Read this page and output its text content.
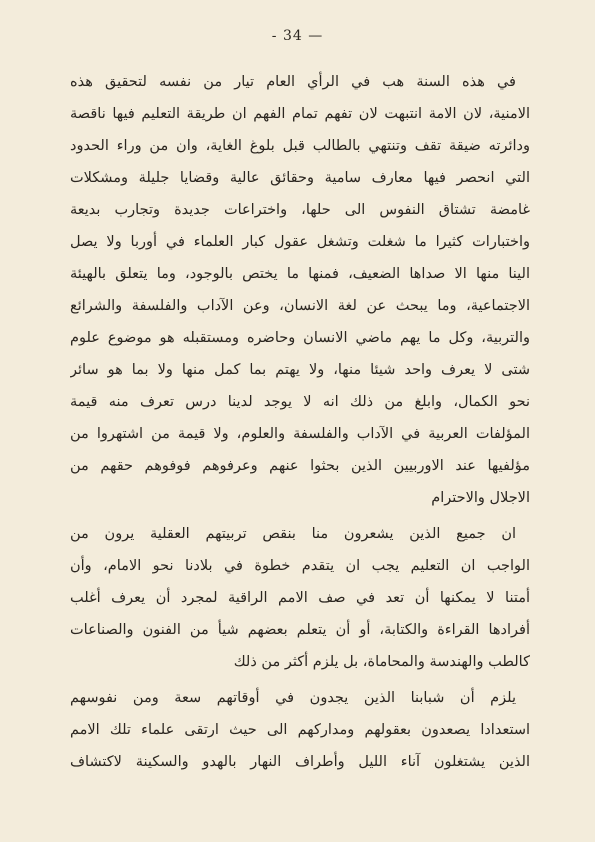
- 34 —
في هذه السنة هب في الرأي العام تيار من نفسه لتحقيق هذه
الامنية، لان الامة انتبهت لان تفهم تمام الفهم ان طريقة التعليم فيها ناقصة
ودائرته ضيقة تقف وتنتهي بالطالب قبل بلوغ الغاية، وان من وراء الحدود
التي انحصر فيها معارف سامية وحقائق عالية وقضايا جليلة ومشكلات
غامضة تشتاق النفوس الى حلها، واختراعات جديدة وتجارب بديعة
واختبارات كثيرا ما شغلت وتشغل عقول كبار العلماء في أوربا ولا يصل
الينا منها الا صداها الضعيف، فمنها ما يختص بالوجود، وما يتعلق بالهيئة
الاجتماعية، وما يبحث عن لغة الانسان، وعن الآداب والفلسفة والشرائع
والتربية، وكل ما يهم ماضي الانسان وحاضره ومستقبله هو موضوع علوم
شتى لا يعرف واحد شيئا منها، ولا يهتم بما كمل منها ولا بما هو سائر
نحو الكمال، وابلغ من ذلك انه لا يوجد لدينا درس تعرف منه قيمة
المؤلفات العربية في الآداب والفلسفة والعلوم، ولا قيمة من اشتهروا من
مؤلفيها عند الاوربيين الذين بحثوا عنهم وعرفوهم فوفوهم حقهم من
الاجلال والاحترام
ان جميع الذين يشعرون منا بنقص تربيتهم العقلية يرون من
الواجب ان التعليم يجب ان يتقدم خطوة في بلادنا نحو الامام، وأن
أمتنا لا يمكنها أن تعد في صف الامم الراقية لمجرد أن يعرف أغلب
أفرادها القراءة والكتابة، أو أن يتعلم بعضهم شيأ من الفنون والصناعات
كالطب والهندسة والمحاماة، بل يلزم أكثر من ذلك
يلزم أن شبابنا الذين يجدون في أوقاتهم سعة ومن نفوسهم
استعدادا يصعدون بعقولهم ومداركهم الى حيث ارتقى علماء تلك الامم
الذين يشتغلون آناء الليل وأطراف النهار بالهدو والسكينة لاكتشاف
